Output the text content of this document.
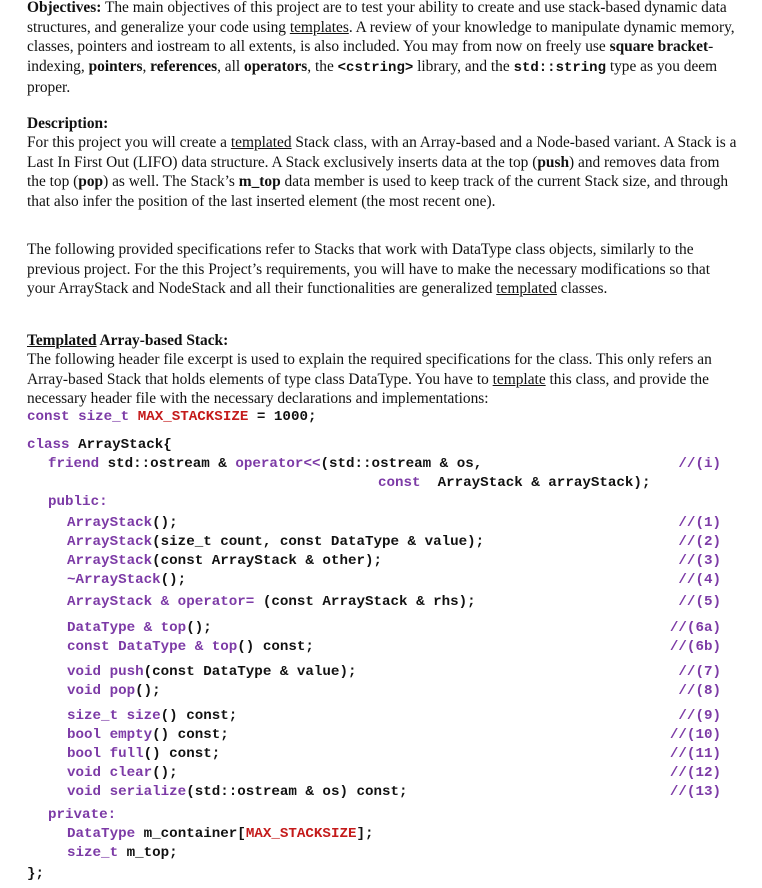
Objectives: The main objectives of this project are to test your ability to create and use stack-based dynamic data structures, and generalize your code using templates. A review of your knowledge to manipulate dynamic memory, classes, pointers and iostream to all extents, is also included. You may from now on freely use square bracket-indexing, pointers, references, all operators, the <cstring> library, and the std::string type as you deem proper.

Description:

For this project you will create a templated Stack class, with an Array-based and a Node-based variant. A Stack is a Last In First Out (LIFO) data structure. A Stack exclusively inserts data at the top (push) and removes data from the top (pop) as well. The Stack’s m_top data member is used to keep track of the current Stack size, and through that also infer the position of the last inserted element (the most recent one).

The following provided specifications refer to Stacks that work with DataType class objects, similarly to the previous project. For the this Project’s requirements, you will have to make the necessary modifications so that your ArrayStack and NodeStack and all their functionalities are generalized templated classes.

Templated Array-based Stack:

The following header file excerpt is used to explain the required specifications for the class. This only refers an Array-based Stack that holds elements of type class DataType. You have to template this class, and provide the necessary header file with the necessary declarations and implementations:

const size_t MAX_STACKSIZE = 1000;
class ArrayStack{
friend std::ostream & operator<<(std::ostream & os,	//(i)
const  ArrayStack & arrayStack);
public:
ArrayStack();	//(1)
ArrayStack(size_t count, const DataType & value);	//(2)
ArrayStack(const ArrayStack & other);	//(3)
~ArrayStack();	//(4)
ArrayStack & operator= (const ArrayStack & rhs);	//(5)
DataType & top();	//(6a)
const DataType & top() const;	//(6b)
void push(const DataType & value);	//(7)
void pop();	//(8)
size_t size() const;	//(9)
bool empty() const;	//(10)
bool full() const;	//(11)
void clear();	//(12)
void serialize(std::ostream & os) const;	//(13)
private:
DataType m_container[MAX_STACKSIZE];
size_t m_top;
};
